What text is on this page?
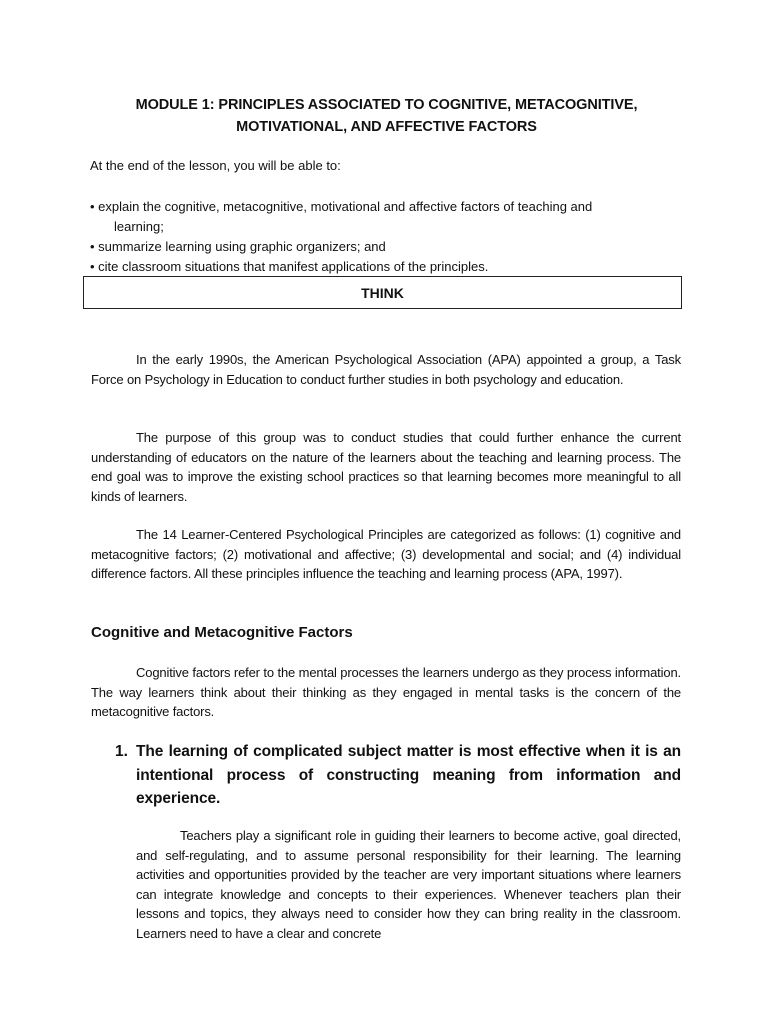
MODULE 1: PRINCIPLES ASSOCIATED TO COGNITIVE, METACOGNITIVE,
MOTIVATIONAL, AND AFFECTIVE FACTORS
At the end of the lesson, you will be able to:
• explain the cognitive, metacognitive, motivational and affective factors of teaching and
learning;
• summarize learning using graphic organizers; and
• cite classroom situations that manifest applications of the principles.
THINK
In the early 1990s, the American Psychological Association (APA) appointed a group, a Task Force on Psychology in Education to conduct further studies in both psychology and education.
The purpose of this group was to conduct studies that could further enhance the current understanding of educators on the nature of the learners about the teaching and learning process. The end goal was to improve the existing school practices so that learning becomes more meaningful to all kinds of learners.
The 14 Learner-Centered Psychological Principles are categorized as follows: (1) cognitive and metacognitive factors; (2) motivational and affective; (3) developmental and social; and (4) individual difference factors. All these principles influence the teaching and learning process (APA, 1997).
Cognitive and Metacognitive Factors
Cognitive factors refer to the mental processes the learners undergo as they process information. The way learners think about their thinking as they engaged in mental tasks is the concern of the metacognitive factors.
1. The learning of complicated subject matter is most effective when it is an intentional process of constructing meaning from information and experience.
Teachers play a significant role in guiding their learners to become active, goal directed, and self-regulating, and to assume personal responsibility for their learning. The learning activities and opportunities provided by the teacher are very important situations where learners can integrate knowledge and concepts to their experiences. Whenever teachers plan their lessons and topics, they always need to consider how they can bring reality in the classroom. Learners need to have a clear and concrete
